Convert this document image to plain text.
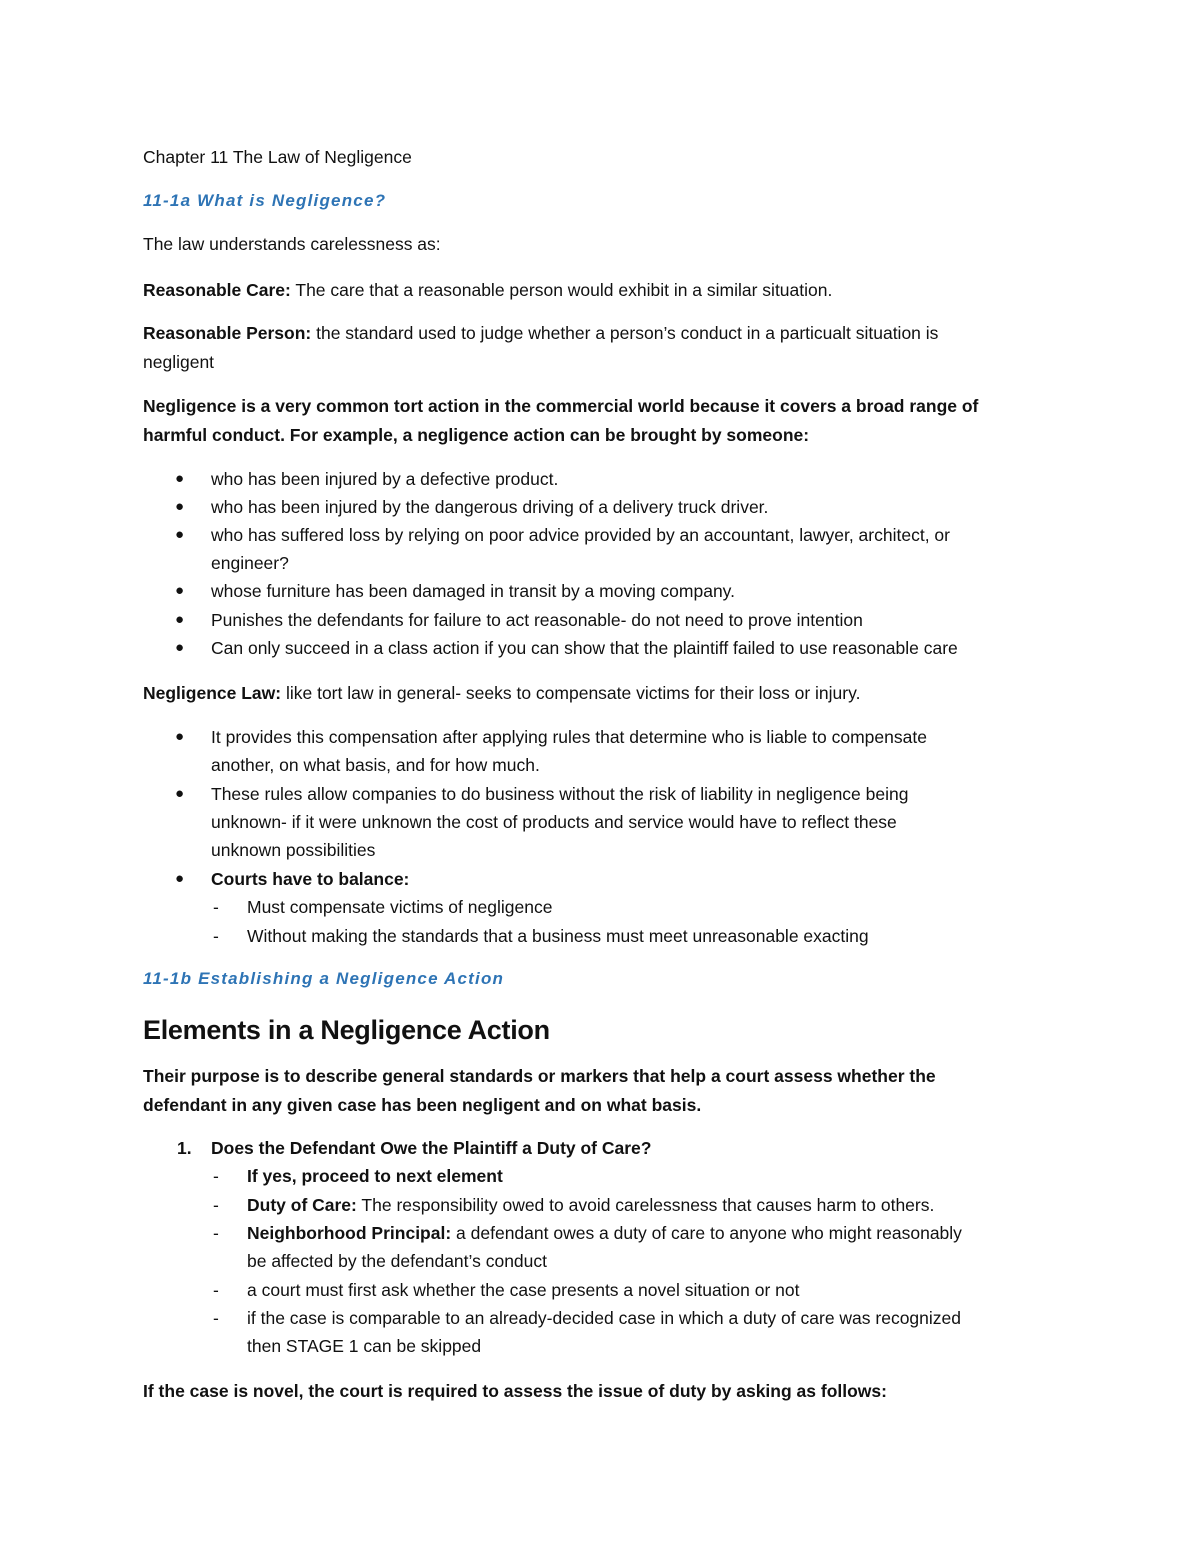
Chapter 11 The Law of Negligence
11-1a What is Negligence?
The law understands carelessness as:
Reasonable Care: The care that a reasonable person would exhibit in a similar situation.
Reasonable Person: the standard used to judge whether a person’s conduct in a particualt situation is
negligent
Negligence is a very common tort action in the commercial world because it covers a broad range of
harmful conduct. For example, a negligence action can be brought by someone:
● who has been injured by a defective product.
● who has been injured by the dangerous driving of a delivery truck driver.
● who has suffered loss by relying on poor advice provided by an accountant, lawyer, architect, or
engineer?
● whose furniture has been damaged in transit by a moving company.
● Punishes the defendants for failure to act reasonable- do not need to prove intention
● Can only succeed in a class action if you can show that the plaintiff failed to use reasonable care
Negligence Law: like tort law in general- seeks to compensate victims for their loss or injury.
● It provides this compensation after applying rules that determine who is liable to compensate
another, on what basis, and for how much.
● These rules allow companies to do business without the risk of liability in negligence being
unknown- if it were unknown the cost of products and service would have to reflect these
unknown possibilities
● Courts have to balance:
- Must compensate victims of negligence
- Without making the standards that a business must meet unreasonable exacting
11-1b Establishing a Negligence Action
Elements in a Negligence Action
Their purpose is to describe general standards or markers that help a court assess whether the
defendant in any given case has been negligent and on what basis.
1. Does the Defendant Owe the Plaintiff a Duty of Care?
- If yes, proceed to next element
- Duty of Care: The responsibility owed to avoid carelessness that causes harm to others.
- Neighborhood Principal: a defendant owes a duty of care to anyone who might reasonably
be affected by the defendant’s conduct
- a court must first ask whether the case presents a novel situation or not
- if the case is comparable to an already-decided case in which a duty of care was recognized
then STAGE 1 can be skipped
If the case is novel, the court is required to assess the issue of duty by asking as follows:
